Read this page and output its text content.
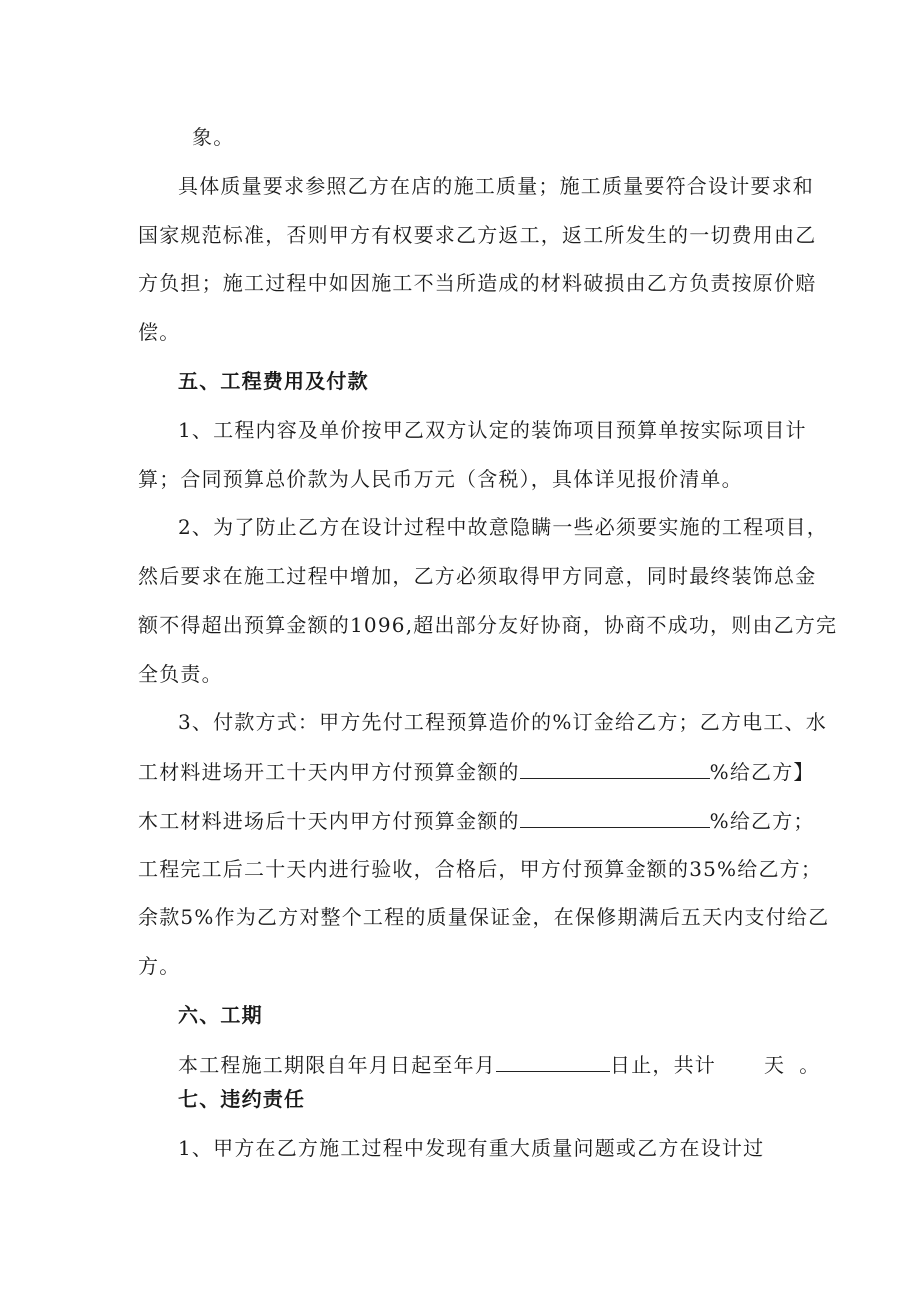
象。
具体质量要求参照乙方在店的施工质量；施工质量要符合设计要求和
国家规范标准，否则甲方有权要求乙方返工，返工所发生的一切费用由乙
方负担；施工过程中如因施工不当所造成的材料破损由乙方负责按原价赔
偿。
五、工程费用及付款
1、工程内容及单价按甲乙双方认定的装饰项目预算单按实际项目计
算；合同预算总价款为人民币万元（含税），具体详见报价清单。
2、为了防止乙方在设计过程中故意隐瞒一些必须要实施的工程项目，
然后要求在施工过程中增加，乙方必须取得甲方同意，同时最终装饰总金
额不得超出预算金额的1096,超出部分友好协商，协商不成功，则由乙方完
全负责。
3、付款方式：甲方先付工程预算造价的%订金给乙方；乙方电工、水
工材料进场开工十天内甲方付预算金额的	%给乙方】
木工材料进场后十天内甲方付预算金额的	%给乙方；
工程完工后二十天内进行验收，合格后，甲方付预算金额的35%给乙方；
余款5%作为乙方对整个工程的质量保证金，在保修期满后五天内支付给乙
方。
六、工期
本工程施工期限自年月日起至年月	日止，共计 天 。
七、违约责任
1、甲方在乙方施工过程中发现有重大质量问题或乙方在设计过
